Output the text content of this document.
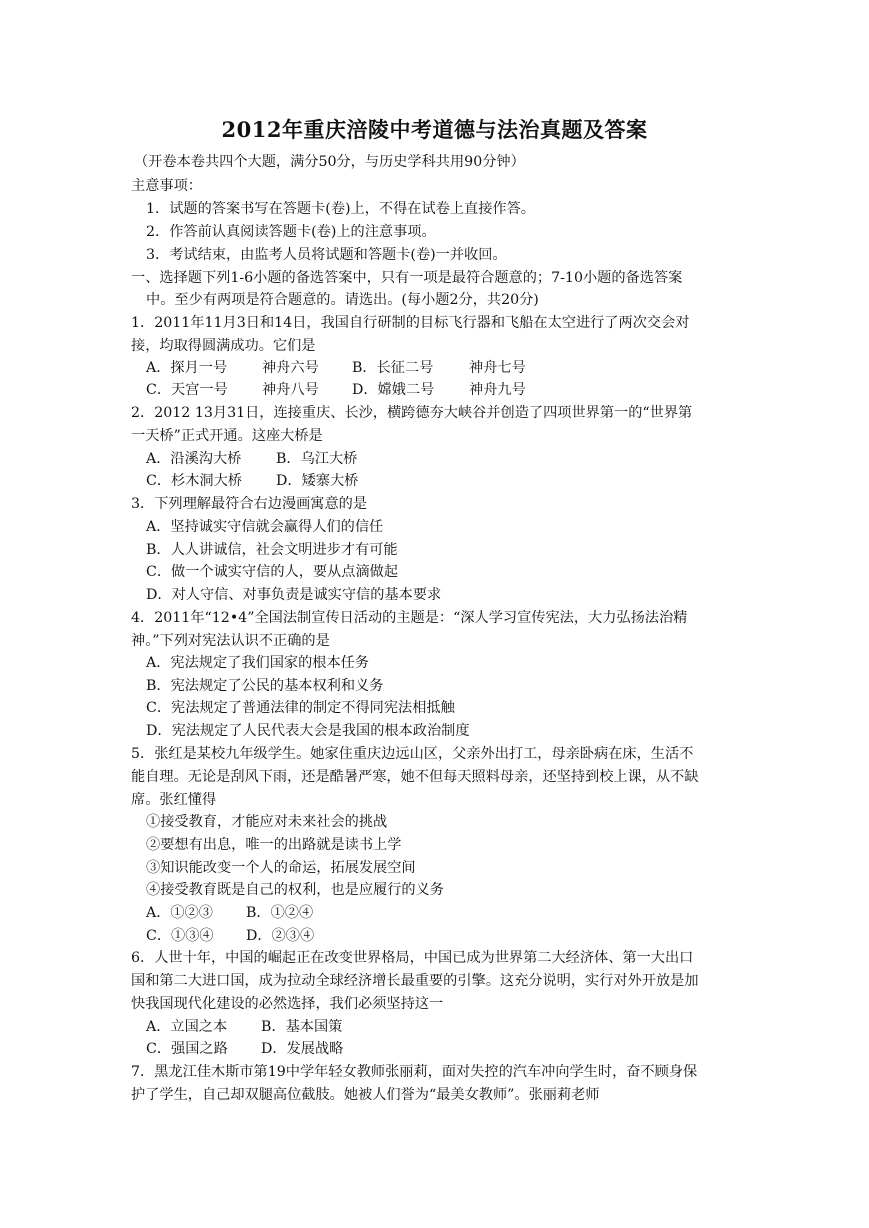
2012年重庆涪陵中考道德与法治真题及答案
（开卷本卷共四个大题，满分50分，与历史学科共用90分钟）
主意事项：
1．试题的答案书写在答题卡(卷)上，不得在试卷上直接作答。
2．作答前认真阅读答题卡(卷)上的注意事项。
3．考试结束，由监考人员将试题和答题卡(卷)一并收回。
一、选择题下列1-6小题的备选答案中，只有一项是最符合题意的；7-10小题的备选答案
中。至少有两项是符合题意的。请选出。(每小题2分，共20分)
1．2011年11月3日和14日，我国自行研制的目标飞行器和飞船在太空进行了两次交会对
接，均取得圆满成功。它们是
A．探月一号 神舟六号 B．长征二号	神舟七号
C．天宫一号 神舟八号 D．嫦娥二号 神舟九号
2．2012 13月31日，连接重庆、长沙，横跨德夯大峡谷并创造了四项世界第一的“世界第
一天桥”正式开通。这座大桥是
A．沿溪沟大桥 B．乌江大桥
C．杉木洞大桥 D．矮寨大桥
3．下列理解最符合右边漫画寓意的是
A．坚持诚实守信就会赢得人们的信任
B．人人讲诚信，社会文明进步才有可能
C．做一个诚实守信的人，要从点滴做起
D．对人守信、对事负责是诚实守信的基本要求
4．2011年“12•4”全国法制宣传日活动的主题是：“深人学习宣传宪法，大力弘扬法治精
神。”下列对宪法认识不正确的是
A．宪法规定了我们国家的根本任务
B．宪法规定了公民的基本权利和义务
C．宪法规定了普通法律的制定不得同宪法相抵触
D．宪法规定了人民代表大会是我国的根本政治制度
5．张红是某校九年级学生。她家住重庆边远山区，父亲外出打工，母亲卧病在床，生活不
能自理。无论是刮风下雨，还是酷暑严寒，她不但每天照料母亲，还坚持到校上课，从不缺
席。张红懂得
①接受教育，才能应对未来社会的挑战
②要想有出息，唯一的出路就是读书上学
③知识能改变一个人的命运，拓展发展空间
④接受教育既是自己的权利，也是应履行的义务
A．①②③ B．①②④
C．①③④ D．②③④
6．人世十年，中国的崛起正在改变世界格局，中国已成为世界第二大经济体、第一大出口
国和第二大进口国，成为拉动全球经济增长最重要的引擎。这充分说明，实行对外开放是加
快我国现代化建设的必然选择，我们必须坚持这一
A．立国之本 B．基本国策
C．强国之路 D．发展战略
7．黑龙江佳木斯市第19中学年轻女教师张丽莉，面对失控的汽车冲向学生时，奋不顾身保
护了学生，自己却双腿高位截肢。她被人们誉为“最美女教师”。张丽莉老师
